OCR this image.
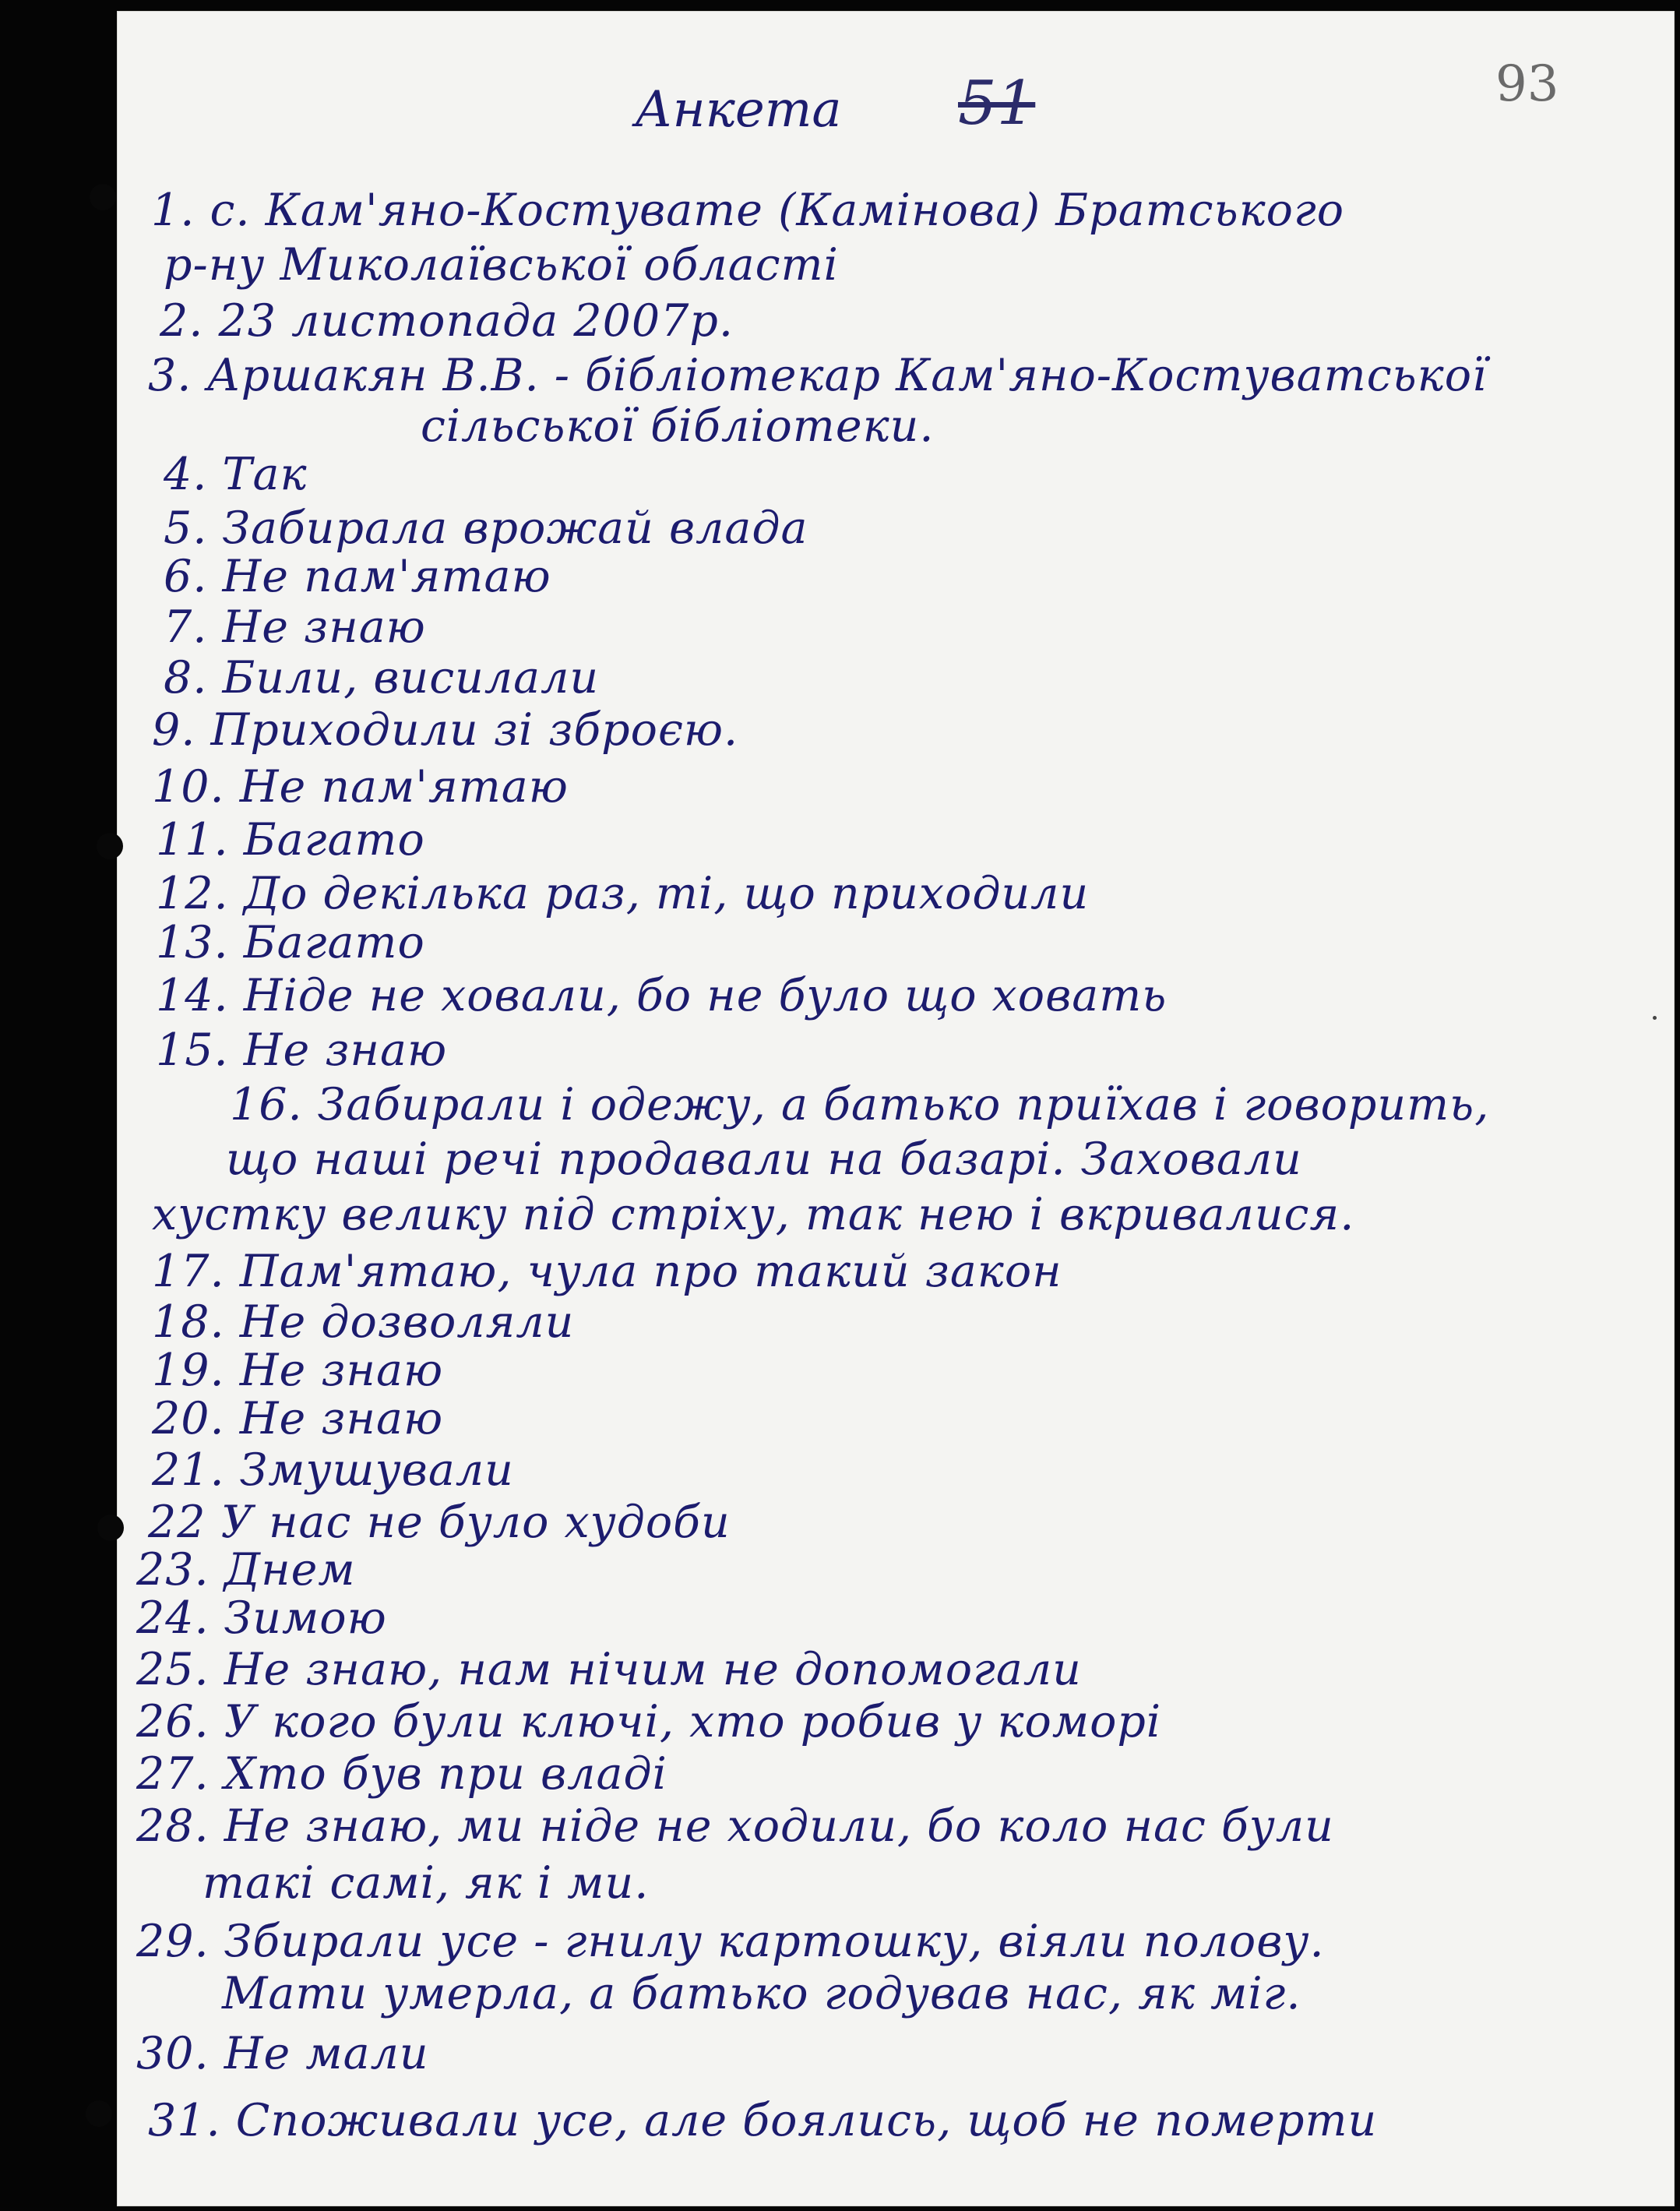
Анкета 51	93
1. с. Кам'яно-Костувате (Камінова) Братського
р-ну Миколаївської області
2. 23 листопада 2007р.
3. Аршакян В.В. - бібліотекар Кам'яно-Костуватської
сільської бібліотеки.
4. Так
5. Забирала врожай влада
6. Не пам'ятаю
7. Не знаю
8. Били, висилали
9. Приходили зі зброєю.
10. Не пам'ятаю
11. Багато
12. До декілька раз, ті, що приходили
13. Багато
14. Ніде не ховали, бо не було що ховать
15. Не знаю
16. Забирали і одежу, а батько приїхав і говорить,
що наші речі продавали на базарі. Заховали
хустку велику під стріху, так нею і вкривалися.
17. Пам'ятаю, чула про такий закон
18. Не дозволяли
19. Не знаю
20. Не знаю
21. Змушували
22 У нас не було худоби
23. Днем
24. Зимою
25. Не знаю, нам нічим не допомогали
26. У кого були ключі, хто робив у коморі
27. Хто був при владі
28. Не знаю, ми ніде не ходили, бо коло нас були
такі самі, як і ми.
29. Збирали усе - гнилу картошку, віяли полову.
Мати умерла, а батько годував нас, як міг.
30. Не мали
31. Споживали усе, але боялись, щоб не померти
